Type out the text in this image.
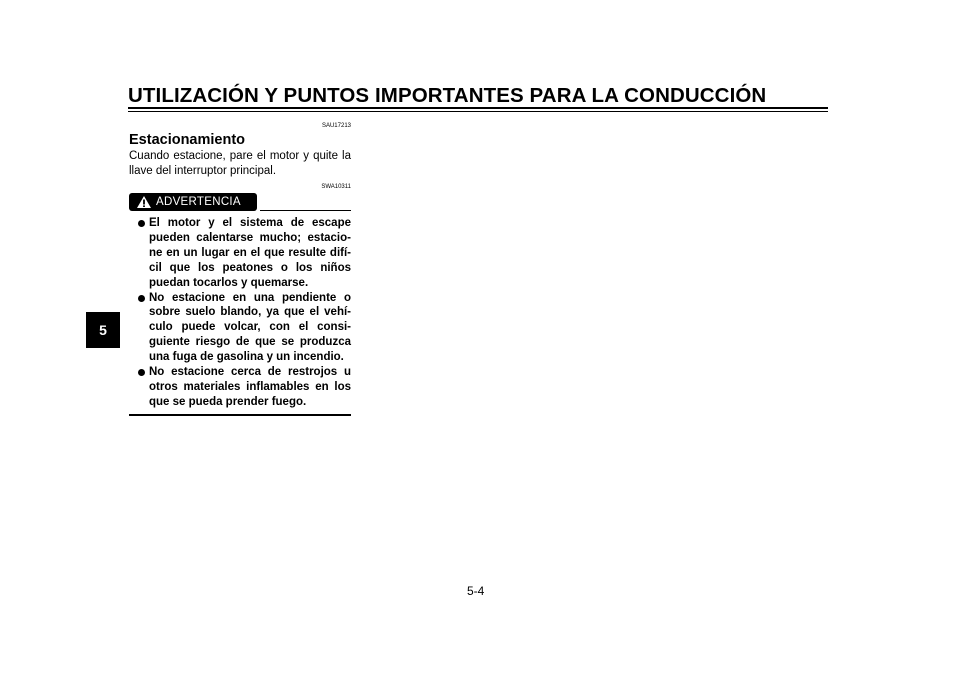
UTILIZACIÓN Y PUNTOS IMPORTANTES PARA LA CONDUCCIÓN
5
SAU17213
Estacionamiento
Cuando estacione, pare el motor y quite la llave del interruptor principal.
SWA10311
ADVERTENCIA
El motor y el sistema de escape pueden calentarse mucho; estacio-ne en un lugar en el que resulte difí-cil que los peatones o los niños puedan tocarlos y quemarse.
No estacione en una pendiente o sobre suelo blando, ya que el vehí-culo puede volcar, con el consi-guiente riesgo de que se produzca una fuga de gasolina y un incendio.
No estacione cerca de restrojos u otros materiales inflamables en los que se pueda prender fuego.
5-4
